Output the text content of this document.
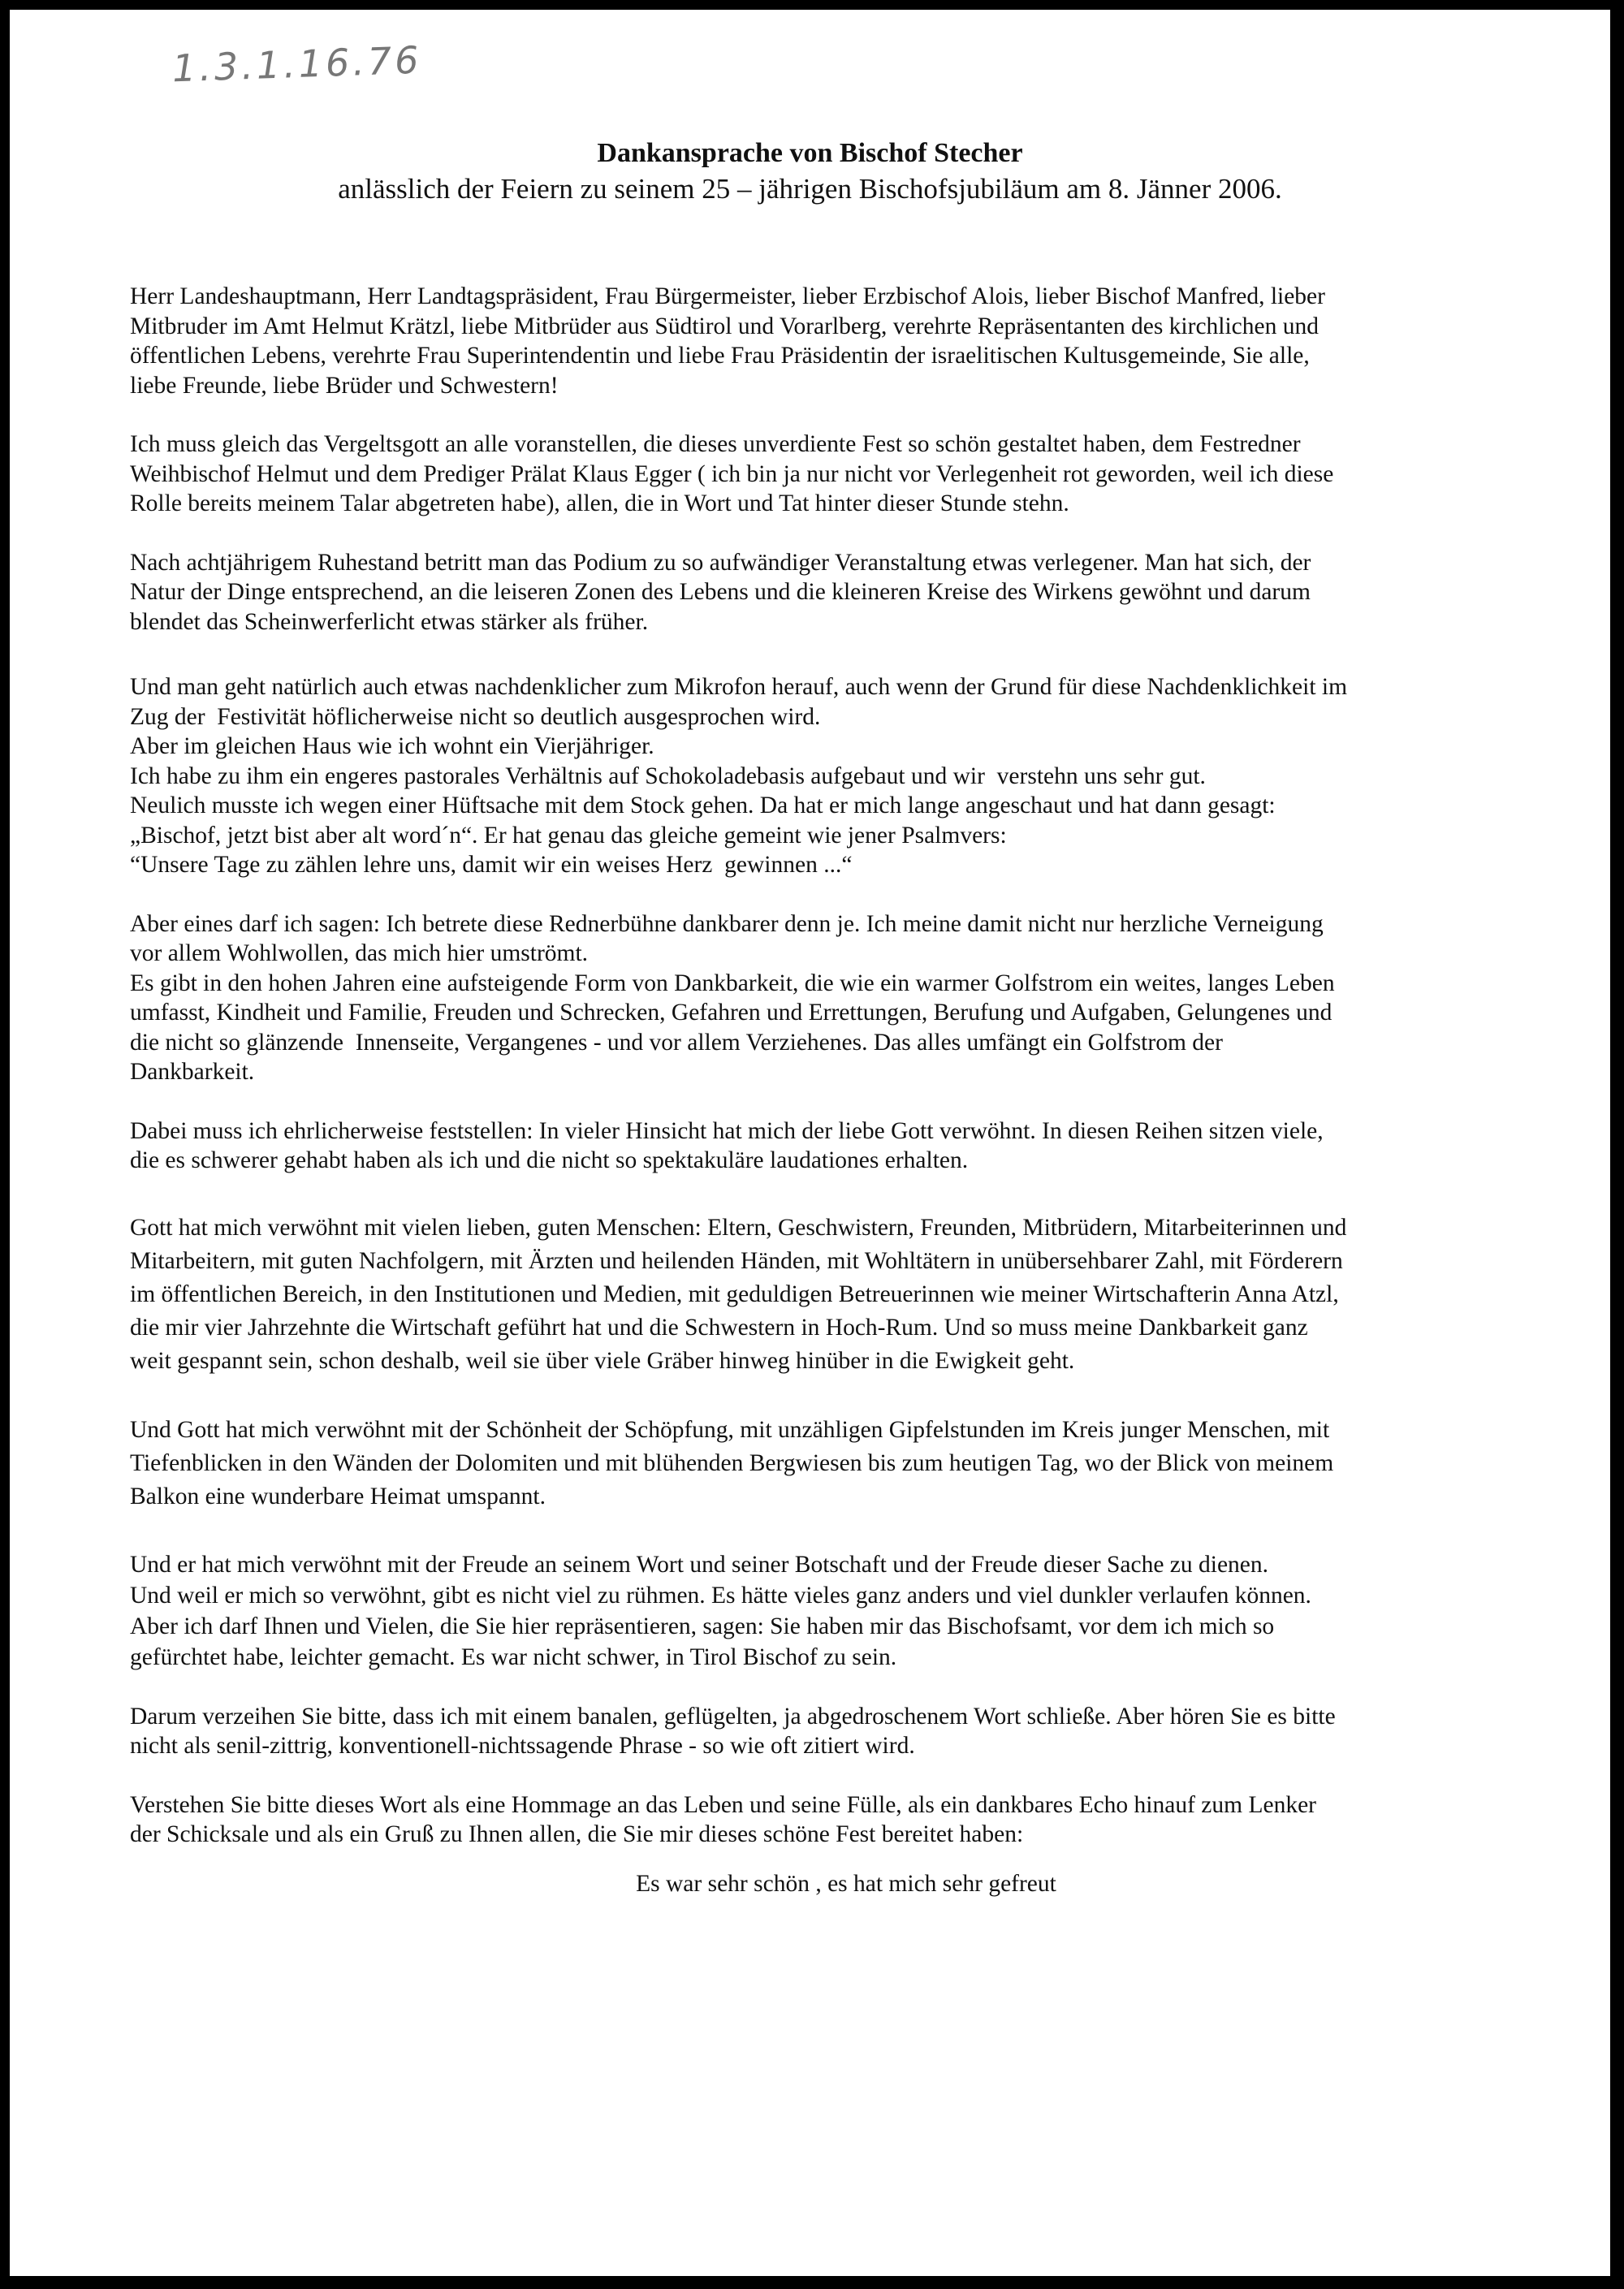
1.3.1.16.76
Dankansprache von Bischof Stecher
anlässlich der Feiern zu seinem 25 – jährigen Bischofsjubiläum am 8. Jänner 2006.
Herr Landeshauptmann, Herr Landtagspräsident, Frau Bürgermeister, lieber Erzbischof Alois, lieber Bischof Manfred, lieber
Mitbruder im Amt Helmut Krätzl, liebe Mitbrüder aus Südtirol und Vorarlberg, verehrte Repräsentanten des kirchlichen und
öffentlichen Lebens, verehrte Frau Superintendentin und liebe Frau Präsidentin der israelitischen Kultusgemeinde, Sie alle,
liebe Freunde, liebe Brüder und Schwestern!
Ich muss gleich das Vergeltsgott an alle voranstellen, die dieses unverdiente Fest so schön gestaltet haben, dem Festredner
Weihbischof Helmut und dem Prediger Prälat Klaus Egger ( ich bin ja nur nicht vor Verlegenheit rot geworden, weil ich diese
Rolle bereits meinem Talar abgetreten habe), allen, die in Wort und Tat hinter dieser Stunde stehn.
Nach achtjährigem Ruhestand betritt man das Podium zu so aufwändiger Veranstaltung etwas verlegener. Man hat sich, der
Natur der Dinge entsprechend, an die leiseren Zonen des Lebens und die kleineren Kreise des Wirkens gewöhnt und darum
blendet das Scheinwerferlicht etwas stärker als früher.
Und man geht natürlich auch etwas nachdenklicher zum Mikrofon herauf, auch wenn der Grund für diese Nachdenklichkeit im
Zug der  Festivität höflicherweise nicht so deutlich ausgesprochen wird.
Aber im gleichen Haus wie ich wohnt ein Vierjähriger.
Ich habe zu ihm ein engeres pastorales Verhältnis auf Schokoladebasis aufgebaut und wir  verstehn uns sehr gut.
Neulich musste ich wegen einer Hüftsache mit dem Stock gehen. Da hat er mich lange angeschaut und hat dann gesagt:
„Bischof, jetzt bist aber alt word´n“. Er hat genau das gleiche gemeint wie jener Psalmvers:
“Unsere Tage zu zählen lehre uns, damit wir ein weises Herz  gewinnen ...“
Aber eines darf ich sagen: Ich betrete diese Rednerbühne dankbarer denn je. Ich meine damit nicht nur herzliche Verneigung
vor allem Wohlwollen, das mich hier umströmt.
Es gibt in den hohen Jahren eine aufsteigende Form von Dankbarkeit, die wie ein warmer Golfstrom ein weites, langes Leben
umfasst, Kindheit und Familie, Freuden und Schrecken, Gefahren und Errettungen, Berufung und Aufgaben, Gelungenes und
die nicht so glänzende  Innenseite, Vergangenes - und vor allem Verziehenes. Das alles umfängt ein Golfstrom der
Dankbarkeit.
Dabei muss ich ehrlicherweise feststellen: In vieler Hinsicht hat mich der liebe Gott verwöhnt. In diesen Reihen sitzen viele,
die es schwerer gehabt haben als ich und die nicht so spektakuläre laudationes erhalten.
Gott hat mich verwöhnt mit vielen lieben, guten Menschen: Eltern, Geschwistern, Freunden, Mitbrüdern, Mitarbeiterinnen und
Mitarbeitern, mit guten Nachfolgern, mit Ärzten und heilenden Händen, mit Wohltätern in unübersehbarer Zahl, mit Förderern
im öffentlichen Bereich, in den Institutionen und Medien, mit geduldigen Betreuerinnen wie meiner Wirtschafterin Anna Atzl,
die mir vier Jahrzehnte die Wirtschaft geführt hat und die Schwestern in Hoch-Rum. Und so muss meine Dankbarkeit ganz
weit gespannt sein, schon deshalb, weil sie über viele Gräber hinweg hinüber in die Ewigkeit geht.
Und Gott hat mich verwöhnt mit der Schönheit der Schöpfung, mit unzähligen Gipfelstunden im Kreis junger Menschen, mit
Tiefenblicken in den Wänden der Dolomiten und mit blühenden Bergwiesen bis zum heutigen Tag, wo der Blick von meinem
Balkon eine wunderbare Heimat umspannt.
Und er hat mich verwöhnt mit der Freude an seinem Wort und seiner Botschaft und der Freude dieser Sache zu dienen.
Und weil er mich so verwöhnt, gibt es nicht viel zu rühmen. Es hätte vieles ganz anders und viel dunkler verlaufen können.
Aber ich darf Ihnen und Vielen, die Sie hier repräsentieren, sagen: Sie haben mir das Bischofsamt, vor dem ich mich so
gefürchtet habe, leichter gemacht. Es war nicht schwer, in Tirol Bischof zu sein.
Darum verzeihen Sie bitte, dass ich mit einem banalen, geflügelten, ja abgedroschenem Wort schließe. Aber hören Sie es bitte
nicht als senil-zittrig, konventionell-nichtssagende Phrase - so wie oft zitiert wird.
Verstehen Sie bitte dieses Wort als eine Hommage an das Leben und seine Fülle, als ein dankbares Echo hinauf zum Lenker
der Schicksale und als ein Gruß zu Ihnen allen, die Sie mir dieses schöne Fest bereitet haben:
Es war sehr schön , es hat mich sehr gefreut
